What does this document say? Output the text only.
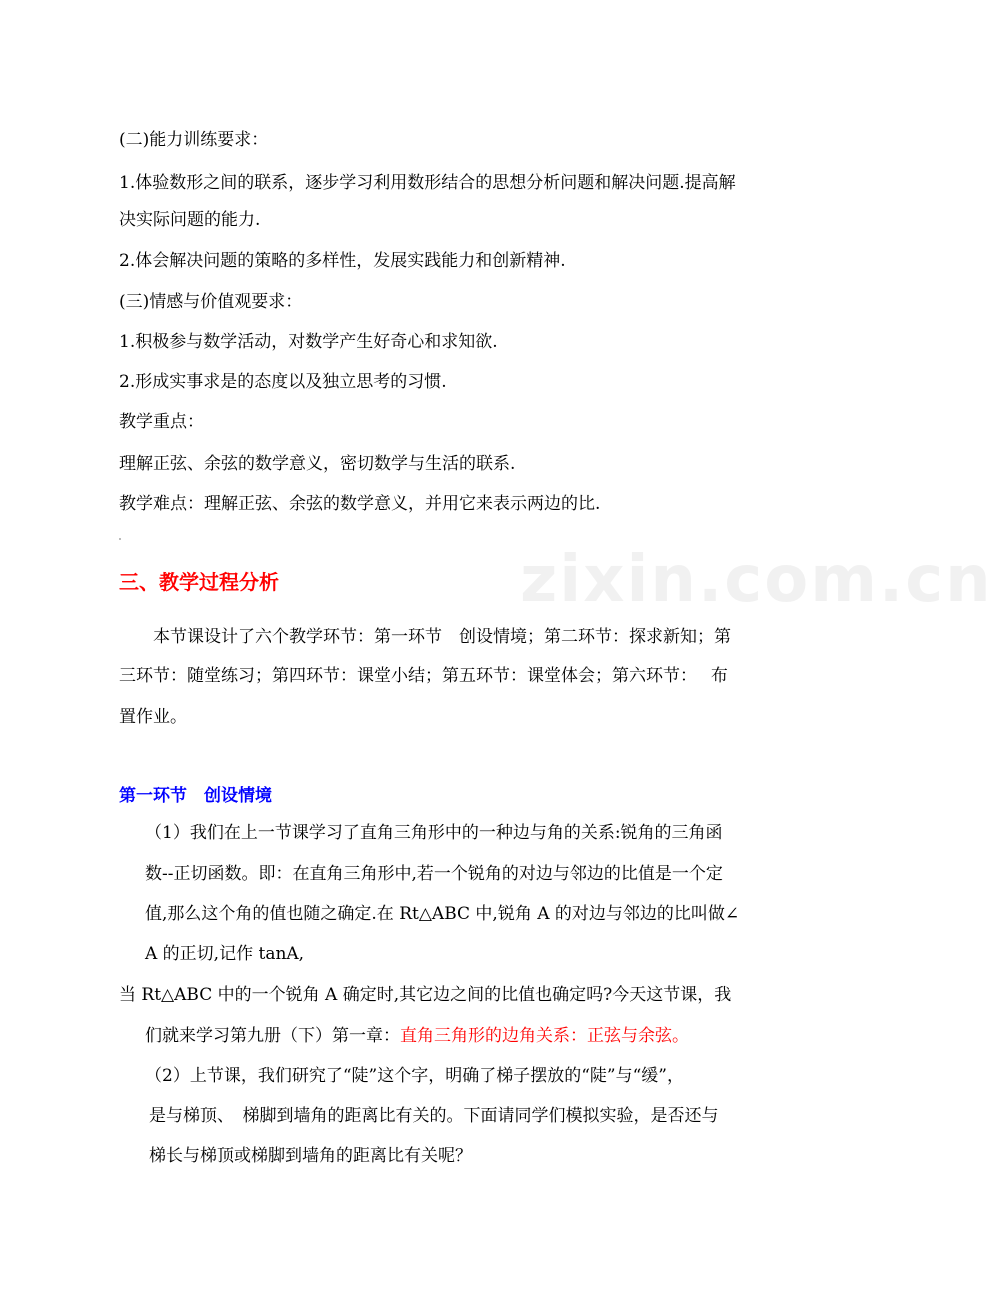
zixin.com.cn
(二)能力训练要求：
1.体验数形之间的联系，逐步学习利用数形结合的思想分析问题和解决问题.提高解
决实际问题的能力.
2.体会解决问题的策略的多样性，发展实践能力和创新精神.
(三)情感与价值观要求：
1.积极参与数学活动，对数学产生好奇心和求知欲.
2.形成实事求是的态度以及独立思考的习惯.
教学重点：
理解正弦、余弦的数学意义，密切数学与生活的联系.
教学难点：理解正弦、余弦的数学意义，并用它来表示两边的比.
三、教学过程分析
本节课设计了六个教学环节：第一环节　创设情境；第二环节：探求新知；第
三环节：随堂练习；第四环节：课堂小结；第五环节：课堂体会；第六环节：　 布
置作业。
第一环节　创设情境
（1）我们在上一节课学习了直角三角形中的一种边与角的关系:锐角的三角函
数--正切函数。即：在直角三角形中,若一个锐角的对边与邻边的比值是一个定
值,那么这个角的值也随之确定.在 Rt△ABC 中,锐角 A 的对边与邻边的比叫做∠
A 的正切,记作 tanA,
当 Rt△ABC 中的一个锐角 A 确定时,其它边之间的比值也确定吗?今天这节课，我
们就来学习第九册（下）第一章：直角三角形的边角关系：正弦与余弦。
（2）上节课，我们研究了“陡”这个字，明确了梯子摆放的“陡”与“缓”，
是与梯顶、　梯脚到墙角的距离比有关的。下面请同学们模拟实验，是否还与
梯长与梯顶或梯脚到墙角的距离比有关呢？
